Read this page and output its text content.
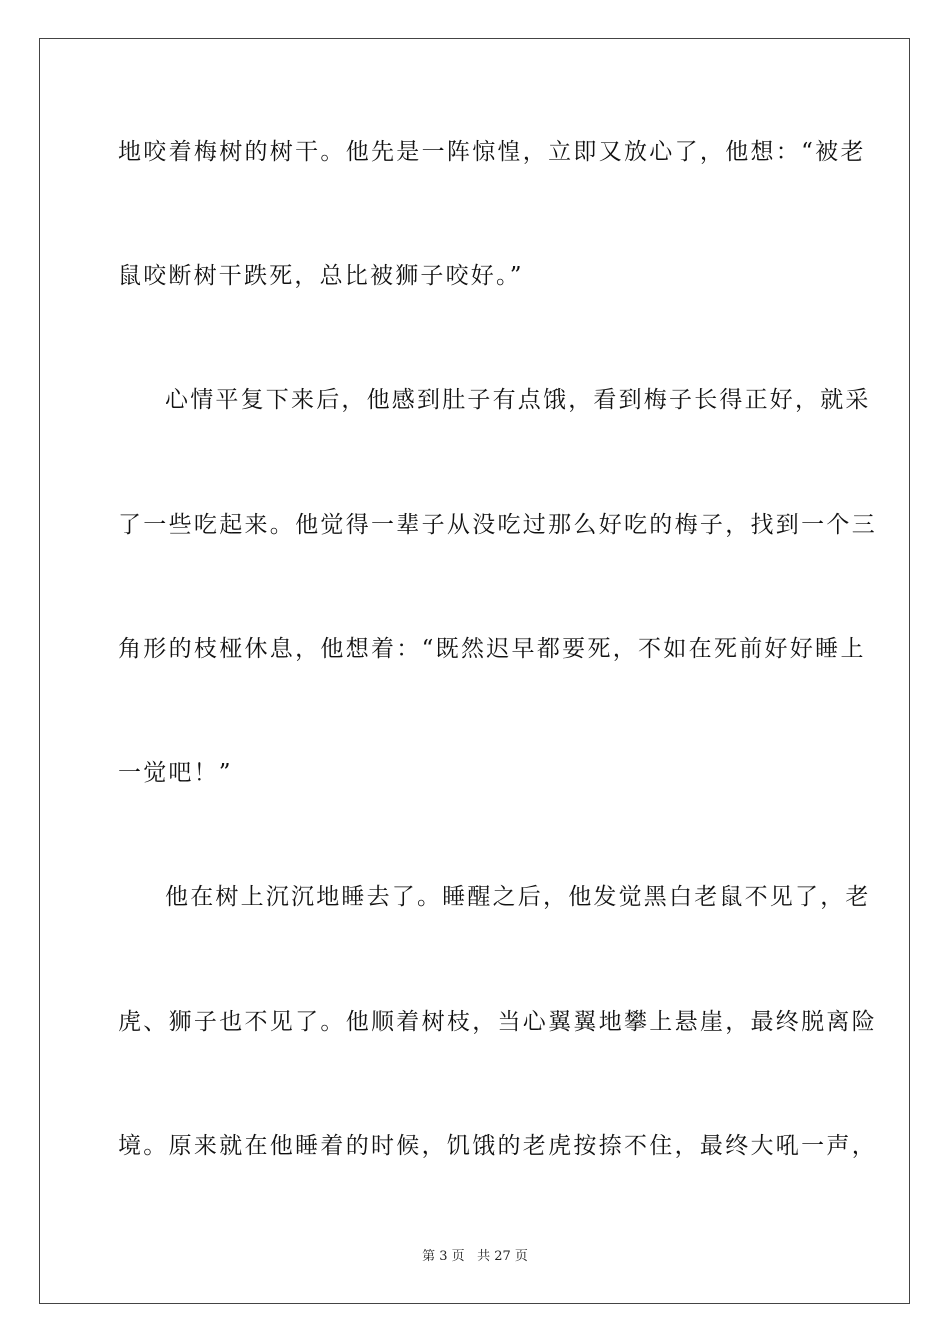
地咬着梅树的树干。他先是一阵惊惶，立即又放心了，他想：“被老
鼠咬断树干跌死，总比被狮子咬好。”
心情平复下来后，他感到肚子有点饿，看到梅子长得正好，就采
了一些吃起来。他觉得一辈子从没吃过那么好吃的梅子，找到一个三
角形的枝桠休息，他想着：“既然迟早都要死，不如在死前好好睡上
一觉吧！”
他在树上沉沉地睡去了。睡醒之后，他发觉黑白老鼠不见了，老
虎、狮子也不见了。他顺着树枝，当心翼翼地攀上悬崖，最终脱离险
境。原来就在他睡着的时候，饥饿的老虎按捺不住，最终大吼一声，
第 3 页 共 27 页
